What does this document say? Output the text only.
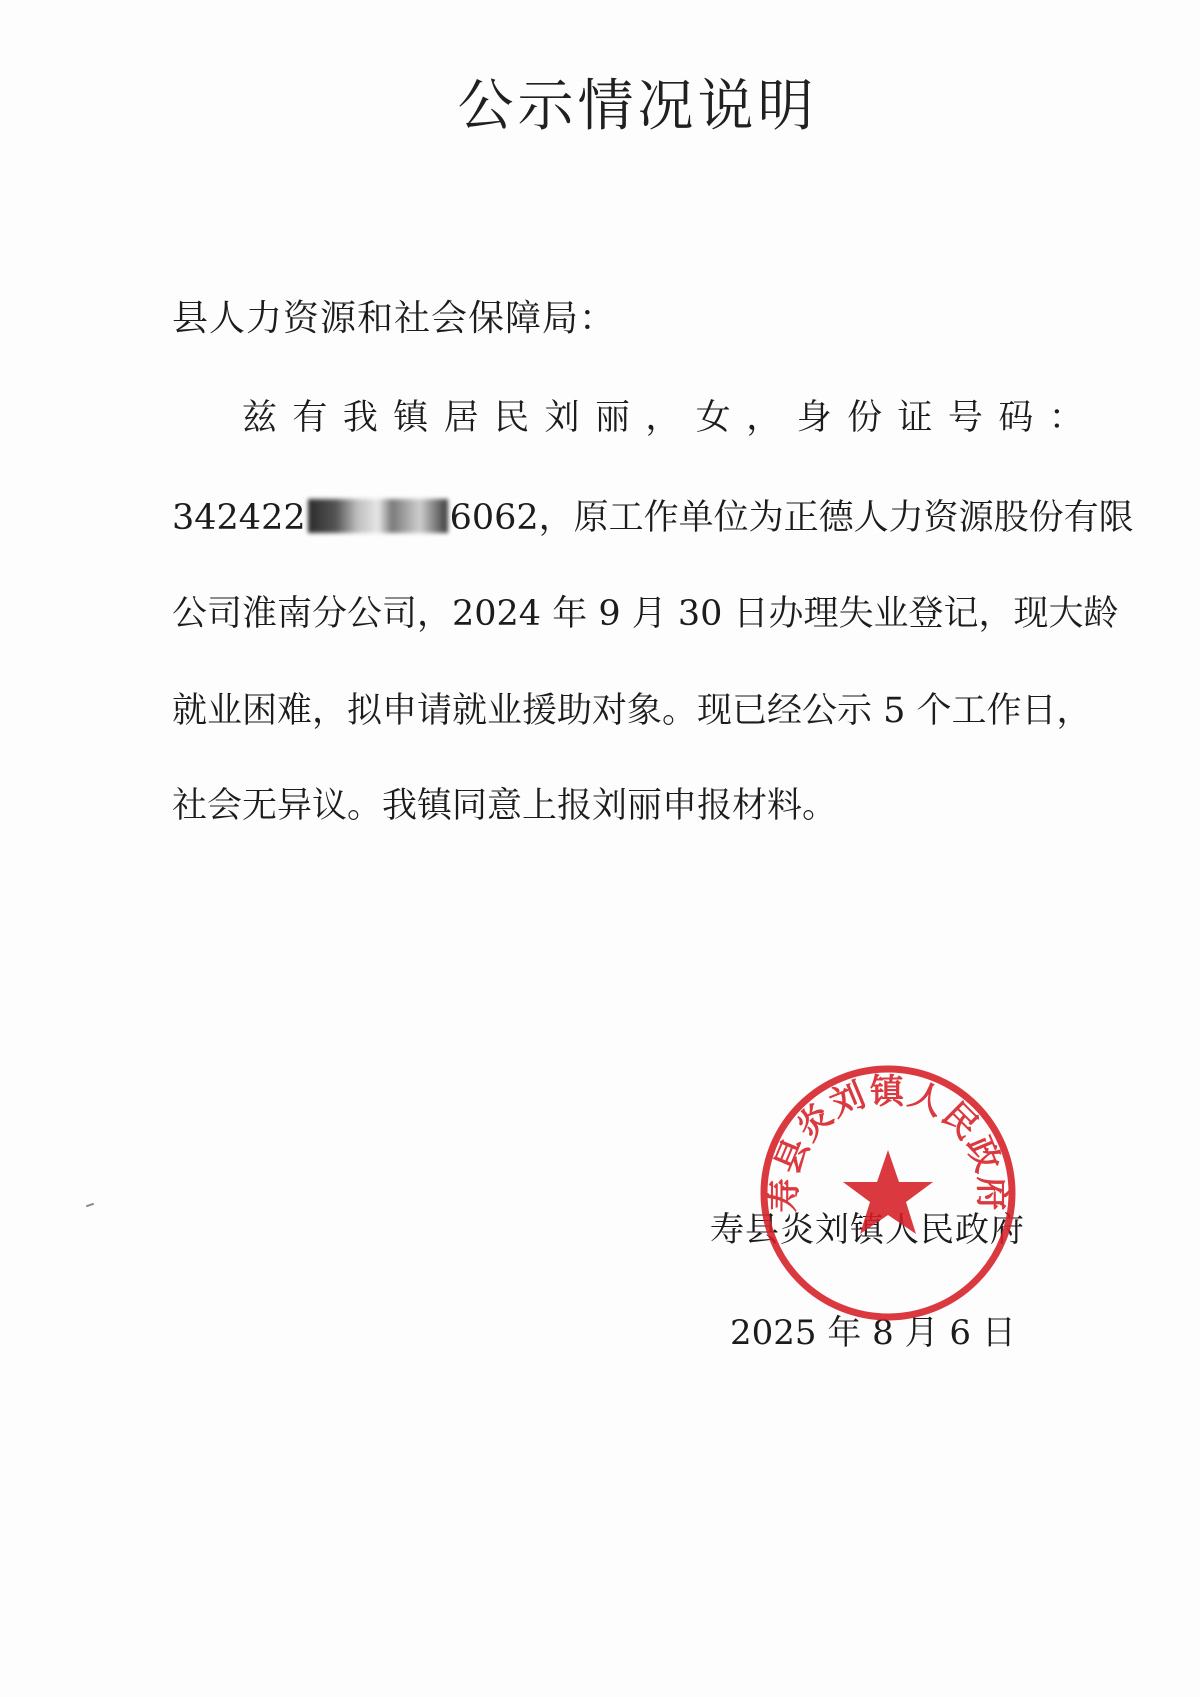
公示情况说明
县人力资源和社会保障局：
兹 有 我 镇 居 民 刘 丽 ， 女 ， 身 份 证 号 码 ：
342422	6062，原工作单位为正德人力资源股份有限
公司淮南分公司，2024 年 9 月 30 日办理失业登记，现大龄
就业困难，拟申请就业援助对象。现已经公示 5 个工作日，
社会无异议。我镇同意上报刘丽申报材料。
寿县炎刘镇人民政府
2025 年 8 月 6 日
寿县炎刘镇人民政府
